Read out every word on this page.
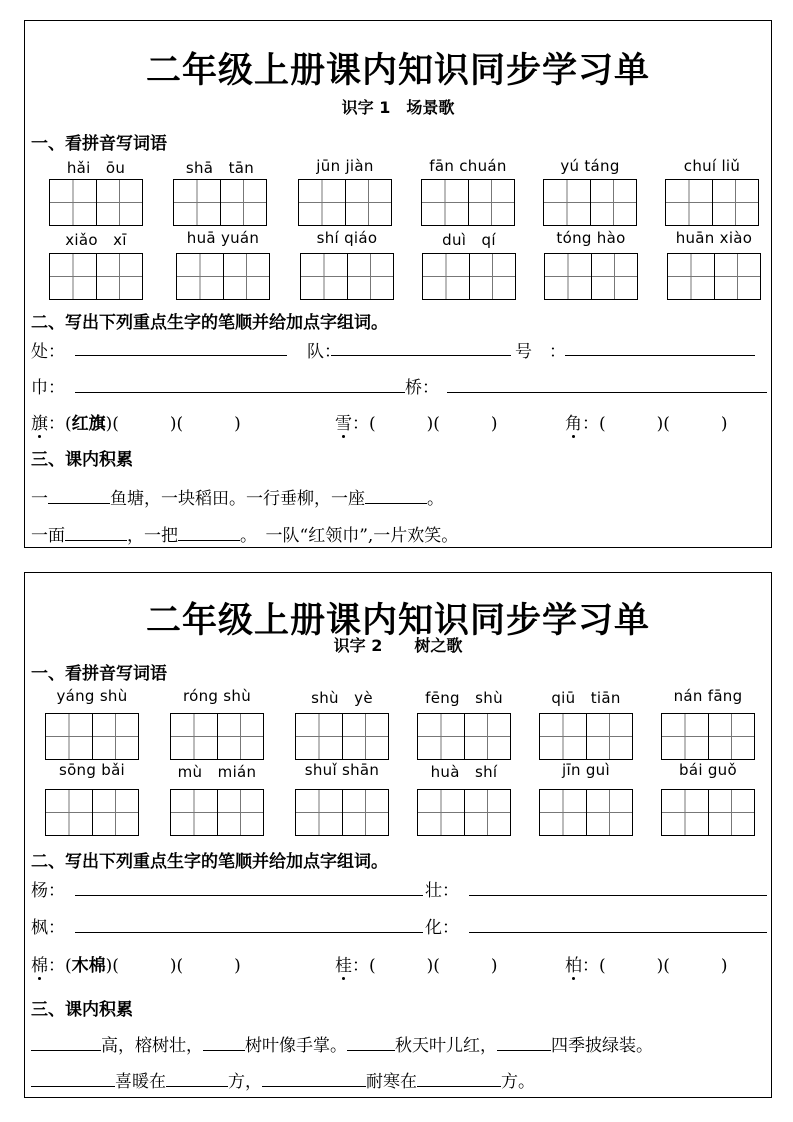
二年级上册课内知识同步学习单
识字 1　场景歌
一、看拼音写词语
hǎi　ōu	shā　tān	jūn jiàn	fān chuán	yú táng	chuí liǔ
xiǎo　xī	huā yuán	shí qiáo	duì　qí	tóng hào	huān xiào
二、写出下列重点生字的笔顺并给加点字组词。
处：	队：	号　：
巾：	桥：
旗：(红旗)(　　　)(　　　)	雪：(　　　)(　　　)	角：(　　　)(　　　)
三、课内积累
一	鱼塘，一块稻田。一行垂柳，一座	。
一面	，一把	。　一队“红领巾”,一片欢笑。
二年级上册课内知识同步学习单
识字 2　　树之歌
一、看拼音写词语
yáng shù	róng shù	shù　yè	fēng　shù	qiū　tiān	nán fāng
sōng bǎi	mù　mián	shuǐ shān	huà　shí	jīn guì	bái guǒ
二、写出下列重点生字的笔顺并给加点字组词。
杨：	壮：
枫：	化：
棉：(木棉)(　　　)(　　　)	桂：(　　　)(　　　)	柏：(　　　)(　　　)
三、课内积累
高，榕树壮， 树叶像手掌。	秋天叶儿红，	四季披绿装。
喜暖在	方，	耐寒在	方。
